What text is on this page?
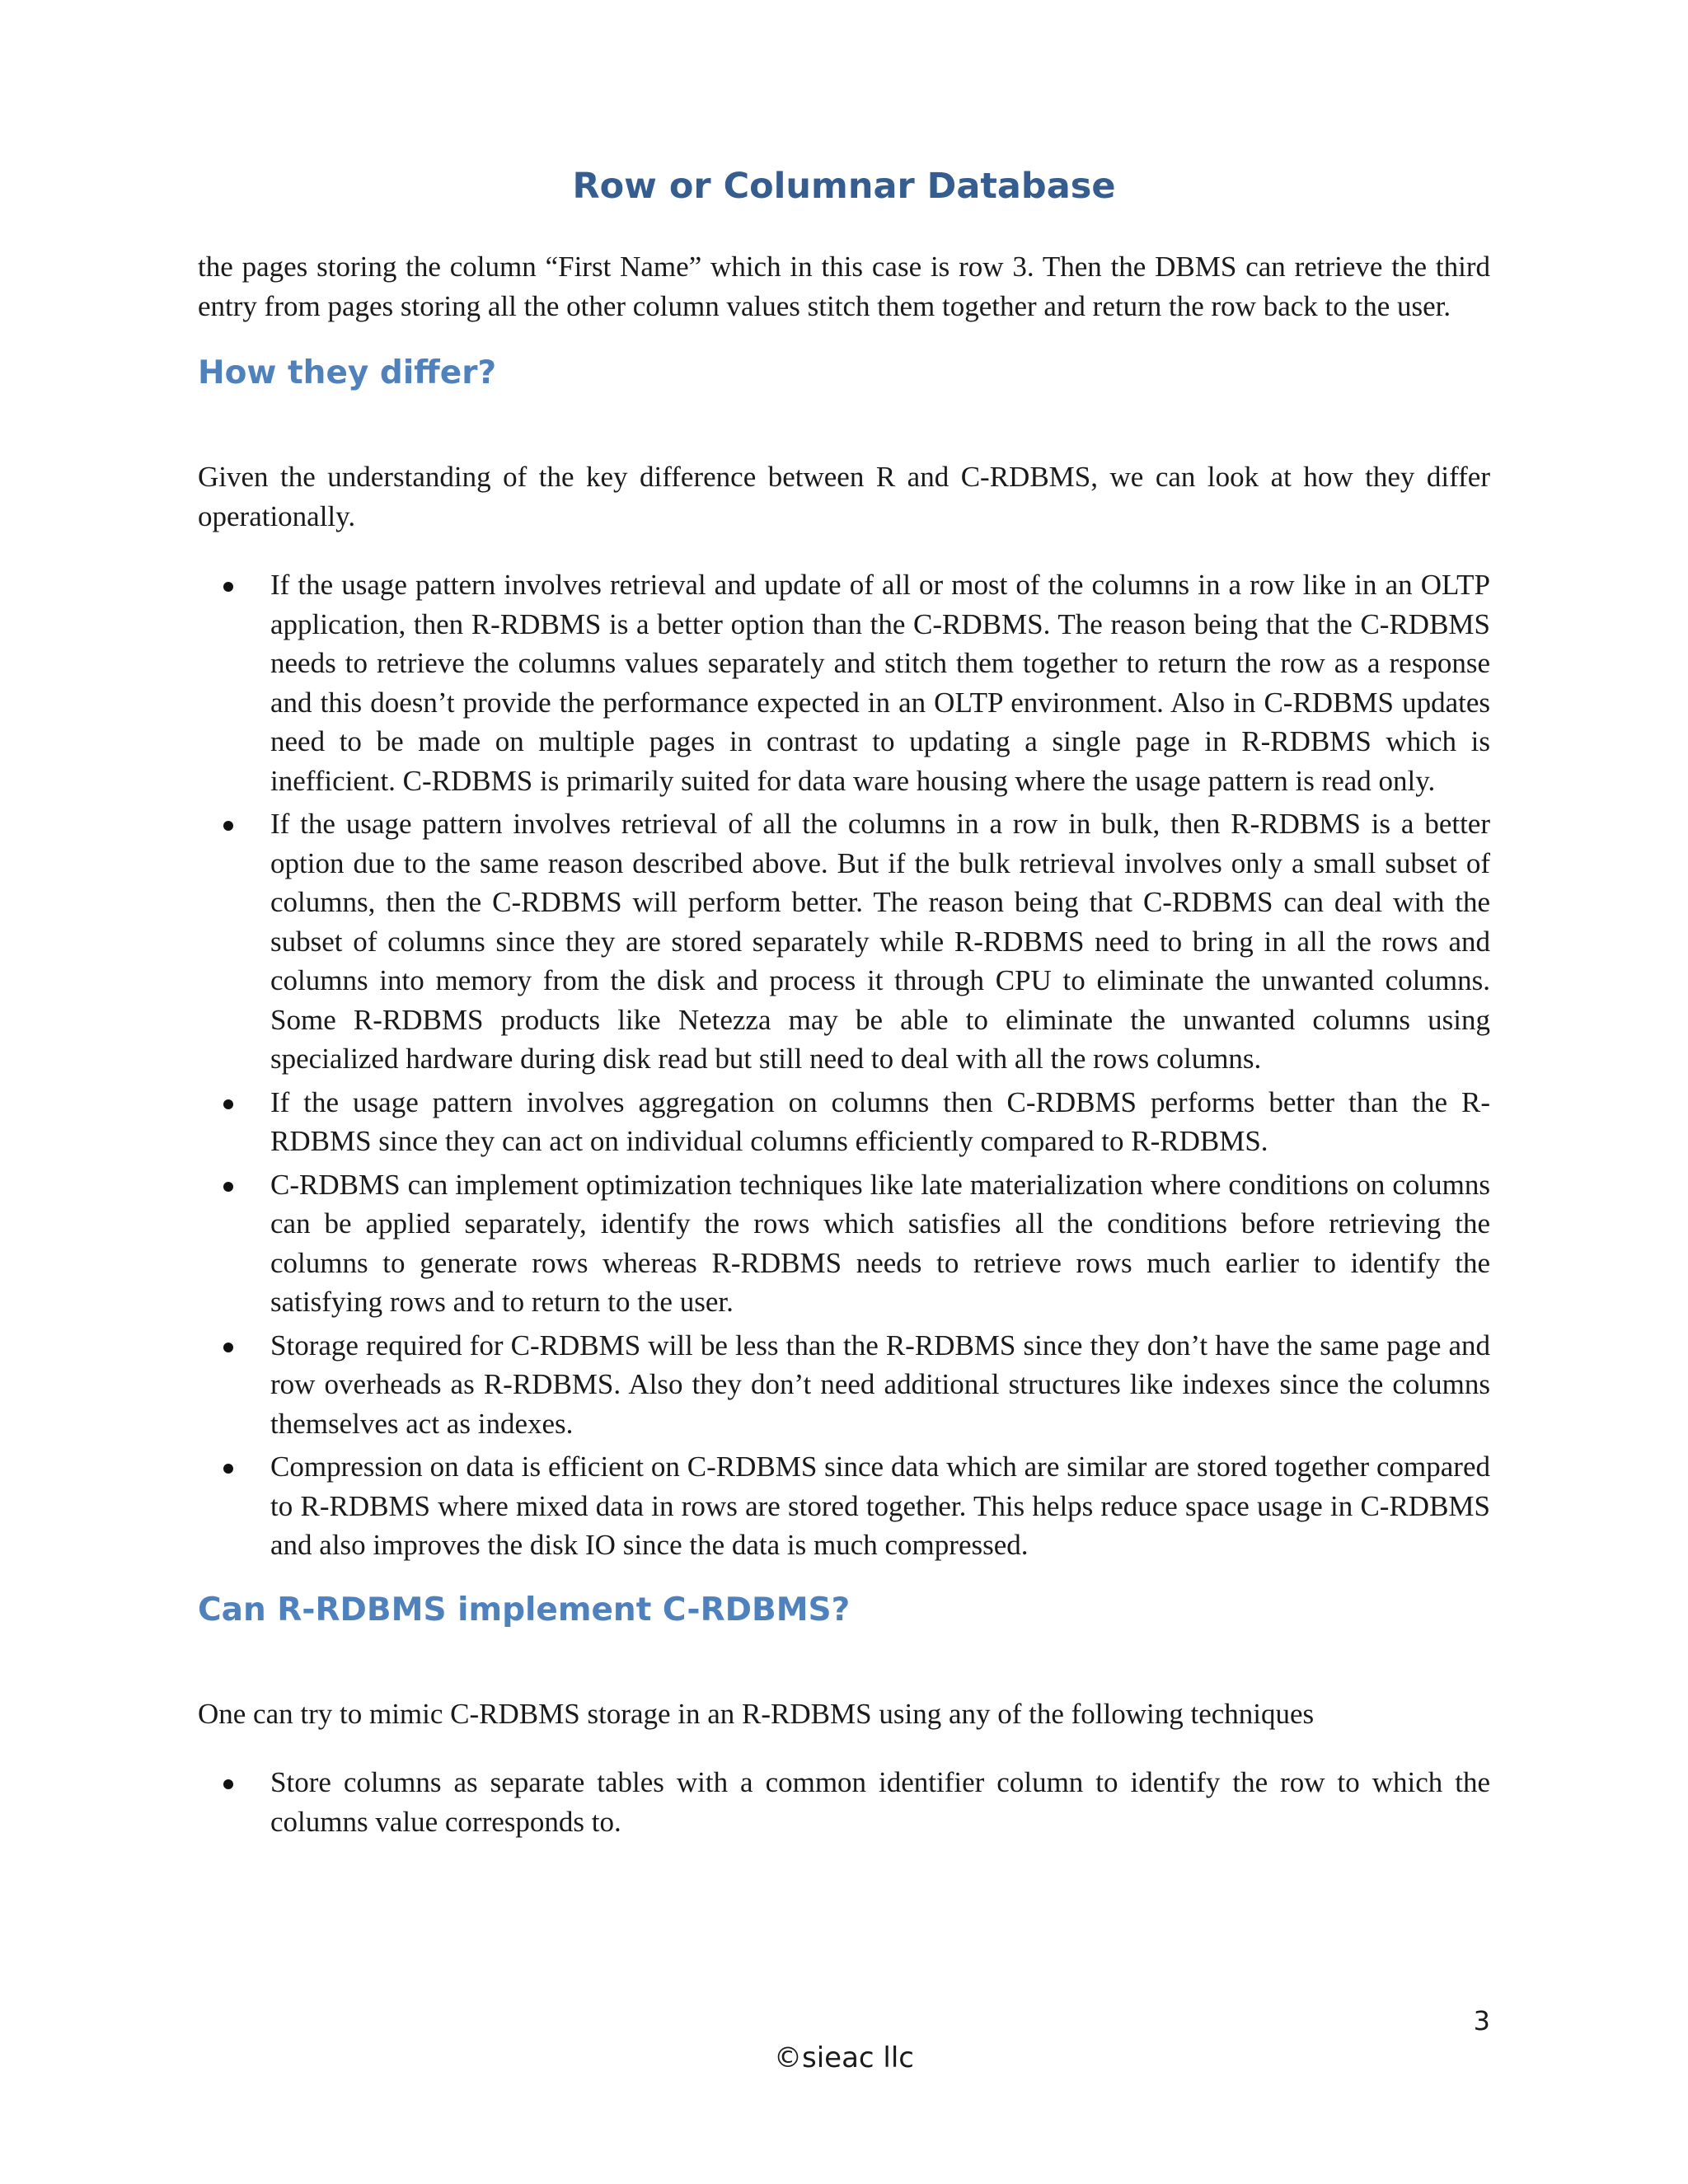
Row or Columnar Database

the pages storing the column “First Name” which in this case is row 3. Then the DBMS can retrieve the third entry from pages storing all the other column values stitch them together and return the row back to the user.

How they differ?

Given the understanding of the key difference between R and C-RDBMS, we can look at how they differ operationally.

If the usage pattern involves retrieval and update of all or most of the columns in a row like in an OLTP application, then R-RDBMS is a better option than the C-RDBMS. The reason being that the C-RDBMS needs to retrieve the columns values separately and stitch them together to return the row as a response and this doesn’t provide the performance expected in an OLTP environment. Also in C-RDBMS updates need to be made on multiple pages in contrast to updating a single page in R-RDBMS which is inefficient. C-RDBMS is primarily suited for data ware housing where the usage pattern is read only.
If the usage pattern involves retrieval of all the columns in a row in bulk, then R-RDBMS is a better option due to the same reason described above. But if the bulk retrieval involves only a small subset of columns, then the C-RDBMS will perform better. The reason being that C-RDBMS can deal with the subset of columns since they are stored separately while R-RDBMS need to bring in all the rows and columns into memory from the disk and process it through CPU to eliminate the unwanted columns. Some R-RDBMS products like Netezza may be able to eliminate the unwanted columns using specialized hardware during disk read but still need to deal with all the rows columns.
If the usage pattern involves aggregation on columns then C-RDBMS performs better than the R-RDBMS since they can act on individual columns efficiently compared to R-RDBMS.
C-RDBMS can implement optimization techniques like late materialization where conditions on columns can be applied separately, identify the rows which satisfies all the conditions before retrieving the columns to generate rows whereas R-RDBMS needs to retrieve rows much earlier to identify the satisfying rows and to return to the user.
Storage required for C-RDBMS will be less than the R-RDBMS since they don’t have the same page and row overheads as R-RDBMS. Also they don’t need additional structures like indexes since the columns themselves act as indexes.
Compression on data is efficient on C-RDBMS since data which are similar are stored together compared to R-RDBMS where mixed data in rows are stored together. This helps reduce space usage in C-RDBMS and also improves the disk IO since the data is much compressed.
Can R-RDBMS implement C-RDBMS?

One can try to mimic C-RDBMS storage in an R-RDBMS using any of the following techniques

Store columns as separate tables with a common identifier column to identify the row to which the columns value corresponds to.
3
©sieac llc
